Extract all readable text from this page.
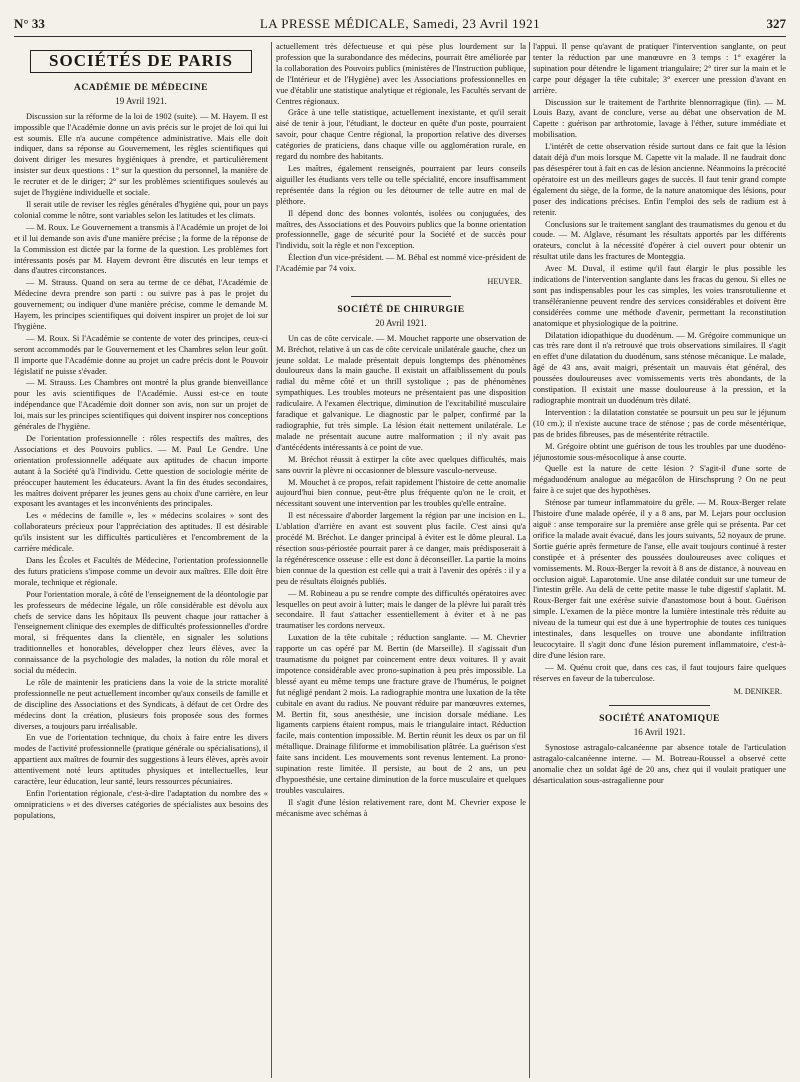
N° 33	LA PRESSE MÉDICALE, Samedi, 23 Avril 1921	327
SOCIÉTÉS DE PARIS
ACADÉMIE DE MÉDECINE
19 Avril 1921.

Discussion sur la réforme de la loi de 1902 (suite). — M. Hayem. Il est impossible que l'Académie donne un avis précis sur le projet de loi qui lui est soumis. Elle n'a aucune compétence administrative. Mais elle doit indiquer, dans sa réponse au Gouvernement, les règles scientifiques qui doivent diriger les mesures hygiéniques à prendre, et particulièrement insister sur deux questions : 1° sur la question du personnel, la manière de le recruter et de le diriger; 2° sur les problèmes scientifiques soulevés au sujet de l'hygiène individuelle et sociale.

Il serait utile de reviser les règles générales d'hygiène qui, pour un pays colonial comme le nôtre, sont variables selon les latitudes et les climats.

— M. Roux. Le Gouvernement a transmis à l'Académie un projet de loi et il lui demande son avis d'une manière précise ; la forme de la réponse de la Commission est dictée par la forme de la question. Les problèmes fort intéressants posés par M. Hayem devront être discutés en leur temps et dans d'autres circonstances.

— M. Strauss. Quand on sera au terme de ce débat, l'Académie de Médecine devra prendre son parti : ou suivre pas à pas le projet du gouvernement; ou indiquer d'une manière précise, comme le demande M. Hayem, les principes scientifiques qui doivent inspirer un projet de loi sur l'hygiène.

— M. Roux. Si l'Académie se contente de voter des principes, ceux-ci seront accommodés par le Gouvernement et les Chambres selon leur goût. Il importe que l'Académie donne au projet un cadre précis dont le Pouvoir législatif ne puisse s'évader.

— M. Strauss. Les Chambres ont montré la plus grande bienveillance pour les avis scientifiques de l'Académie. Aussi est-ce en toute indépendance que l'Académie doit donner son avis, non sur un projet de loi, mais sur les principes scientifiques qui doivent inspirer nos conceptions générales de l'hygiène.

De l'orientation professionnelle : rôles respectifs des maîtres, des Associations et des Pouvoirs publics. — M. Paul Le Gendre. Une orientation professionnelle adéquate aux aptitudes de chacun importe autant à la Société qu'à l'individu. Cette question de sociologie mérite de préoccuper hautement les éducateurs. Avant la fin des études secondaires, les maîtres doivent préparer les jeunes gens au choix d'une carrière, en leur exposant les avantages et les inconvénients des principales.

Les « médecins de famille », les « médecins scolaires » sont des collaborateurs précieux pour l'appréciation des aptitudes. Il est désirable qu'ils insistent sur les difficultés particulières et l'encombrement de la carrière médicale.

Dans les Écoles et Facultés de Médecine, l'orientation professionnelle des futurs praticiens s'impose comme un devoir aux maîtres. Elle doit être morale, technique et régionale.

Pour l'orientation morale, à côté de l'enseignement de la déontologie par les professeurs de médecine légale, un rôle considérable est dévolu aux chefs de service dans les hôpitaux Ils peuvent chaque jour rattacher à l'enseignement clinique des exemples de difficultés professionnelles d'ordre moral, si fréquentes dans la clientèle, en signaler les solutions traditionnelles et honorables, développer chez leurs élèves, avec la connaissance de la psychologie des malades, la notion du rôle moral et social du médecin.

Le rôle de maintenir les praticiens dans la voie de la stricte moralité professionnelle ne peut actuellement incomber qu'aux conseils de famille et de discipline des Associations et des Syndicats, à défaut de cet Ordre des médecins dont la création, plusieurs fois proposée sous des formes diverses, a toujours paru irréalisable.

En vue de l'orientation technique, du choix à faire entre les divers modes de l'activité professionnelle (pratique générale ou spécialisations), il appartient aux maîtres de fournir des suggestions à leurs élèves, après avoir attentivement noté leurs aptitudes physiques et intellectuelles, leur caractère, leur éducation, leur santé, leurs ressources pécuniaires.

Enfin l'orientation régionale, c'est-à-dire l'adaptation du nombre des « omnipraticiens » et des diverses catégories de spécialistes aux besoins des populations,

actuellement très défectueuse et qui pèse plus lourdement sur la profession que la surabondance des médecins, pourrait être améliorée par la collaboration des Pouvoirs publics (ministères de l'Instruction publique, de l'Intérieur et de l'Hygiène) avec les Associations professionnelles en vue d'établir une statistique analytique et régionale, les Facultés servant de Centres régionaux.

Grâce à une telle statistique, actuellement inexistante, et qu'il serait aisé de tenir à jour, l'étudiant, le docteur en quête d'un poste, pourraient savoir, pour chaque Centre régional, la proportion relative des diverses catégories de praticiens, dans chaque ville ou agglomération rurale, en regard du nombre des habitants.

Les maîtres, également renseignés, pourraient par leurs conseils aiguiller les étudiants vers telle ou telle spécialité, encore insuffisamment représentée dans la région ou les détourner de telle autre en mal de pléthore.

Il dépend donc des bonnes volontés, isolées ou conjuguées, des maîtres, des Associations et des Pouvoirs publics que la bonne orientation professionnelle, gage de sécurité pour la Société et de succès pour l'individu, soit la règle et non l'exception.

Élection d'un vice-président. — M. Bébal est nommé vice-président de l'Académie par 74 voix.

HEUYER.
SOCIÉTÉ DE CHIRURGIE
20 Avril 1921.

Un cas de côte cervicale. — M. Mouchet rapporte une observation de M. Bréchot, relative à un cas de côte cervicale unilatérale gauche, chez un jeune soldat. Le malade présentait depuis longtemps des phénomènes douloureux dans la main gauche. Il existait un affaiblissement du pouls radial du même côté et un thrill systolique ; pas de phénomènes sympathiques. Les troubles moteurs ne présentaient pas une disposition radiculaire. A l'examen électrique, diminution de l'excitabilité musculaire faradique et galvanique. Le diagnostic par le palper, confirmé par la radiographie, fut très simple. La lésion était nettement unilatérale. Le malade ne présentait aucune autre malformation ; il n'y avait pas d'antécédents intéressants à ce point de vue.

M. Bréchot réussit à extirper la côte avec quelques difficultés, mais sans ouvrir la plèvre ni occasionner de blessure vasculo-nerveuse.

M. Mouchet à ce propos, refait rapidement l'histoire de cette anomalie aujourd'hui bien connue, peut-être plus fréquente qu'on ne le croit, et nécessitant souvent une intervention par les troubles qu'elle entraîne.

Il est nécessaire d'aborder largement la région par une incision en L. L'ablation d'arrière en avant est souvent plus facile. C'est ainsi qu'a procédé M. Bréchot. Le danger principal à éviter est le dôme pleural. La résection sous-périostée pourrait parer à ce danger, mais prédisposerait à la régénérescence osseuse : elle est donc à déconseiller. La partie la moins bien connue de la question est celle qui a trait à l'avenir des opérés : il y a peu de résultats éloignés publiés.

— M. Robineau a pu se rendre compte des difficultés opératoires avec lesquelles on peut avoir à lutter; mais le danger de la plèvre lui paraît très secondaire. Il faut s'attacher essentiellement à éviter et à ne pas traumatiser les cordons nerveux.

Luxation de la tête cubitale ; réduction sanglante. — M. Chevrier rapporte un cas opéré par M. Bertin (de Marseille). Il s'agissait d'un traumatisme du poignet par coincement entre deux voitures. Il y avait impotence considérable avec prono-supination à peu près impossible. La blessé ayant eu même temps une fracture grave de l'humérus, le poignet fut négligé pendant 2 mois. La radiographie montra une luxation de la tête cubitale en avant du radius. Ne pouvant réduire par manœuvres externes, M. Bertin fit, sous anesthésie, une incision dorsale médiane. Les ligaments carpiens étaient rompus, mais le triangulaire intact. Réduction facile, mais contention impossible. M. Bertin réunit les deux os par un fil métallique. Drainage filiforme et immobilisation plâtrée. La guérison s'est faite sans incident. Les mouvements sont revenus lentement. La prono-supination reste limitée. Il persiste, au bout de 2 ans, un peu d'hypoesthésie, une certaine diminution de la force musculaire et quelques troubles vasculaires.

Il s'agit d'une lésion relativement rare, dont M. Chevrier expose le mécanisme avec schémas à

l'appui. Il pense qu'avant de pratiquer l'intervention sanglante, on peut tenter la réduction par une manœuvre en 3 temps : 1° exagérer la supination pour détendre le ligament triangulaire; 2° tirer sur la main et le carpe pour dégager la tête cubitale; 3° exercer une pression d'avant en arrière.

Discussion sur le traitement de l'arthrite blennorragique (fin). — M. Louis Bazy, avant de conclure, verse au débat une observation de M. Capette : guérison par arthrotomie, lavage à l'éther, suture immédiate et mobilisation.

L'intérêt de cette observation réside surtout dans ce fait que la lésion datait déjà d'un mois lorsque M. Capette vit la malade. Il ne faudrait donc pas désespérer tout à fait en cas de lésion ancienne. Néanmoins la précocité opératoire est un des meilleurs gages de succès. Il faut tenir grand compte également du siège, de la forme, de la nature anatomique des lésions, pour poser des indications précises. Enfin l'emploi des sels de radium est à retenir.

Conclusions sur le traitement sanglant des traumatismes du genou et du coude. — M. Alglave, résumant les résultats apportés par les différents orateurs, conclut à la nécessité d'opérer à ciel ouvert pour obtenir un résultat utile dans les fractures de Monteggia.

Avec M. Duval, il estime qu'il faut élargir le plus possible les indications de l'intervention sanglante dans les fracas du genou. Si elles ne sont pas indispensables pour les cas simples, les voies transrotulienne et transéléranienne peuvent rendre des services considérables et doivent être considérées comme une méthode d'avenir, permettant la reconstitution anatomique et physiologique de la poitrine.

Dilatation idiopathique du duodénum. — M. Grégoire communique un cas très rare dont il n'a retrouvé que trois observations similaires. Il s'agit en effet d'une dilatation du duodénum, sans sténose mécanique. Le malade, âgé de 43 ans, avait maigri, présentait un mauvais état général, des poussées douloureuses avec vomissements verts très abondants, de la constipation. Il existait une masse douloureuse à la pression, et la radiographie montrait un duodénum très dilaté.

Intervention : la dilatation constatée se poursuit un peu sur le jéjunum (10 cm.); il n'existe aucune trace de sténose ; pas de corde mésentérique, pas de brides fibreuses, pas de mésentérite rétractile.

M. Grégoire obtint une guérison de tous les troubles par une duodéno-jéjunostomie sous-mésocolique à anse courte.

Quelle est la nature de cette lésion ? S'agit-il d'une sorte de mégaduodénum analogue au mégacôlon de Hirschsprung ? On ne peut faire à ce sujet que des hypothèses.

Sténose par tumeur inflammatoire du grêle. — M. Roux-Berger relate l'histoire d'une malade opérée, il y a 8 ans, par M. Lejars pour occlusion aiguë : anse temporaire sur la première anse grêle qui se présenta. Par cet orifice la malade avait évacué, dans les jours suivants, 52 noyaux de prune. Sortie guérie après fermeture de l'anse, elle avait toujours continué à rester constipée et à présenter des poussées douloureuses avec coliques et vomissements. M. Roux-Berger la revoit à 8 ans de distance, à nouveau en occlusion aiguë. Laparotomie. Une anse dilatée conduit sur une tumeur de l'intestin grêle. Au delà de cette petite masse le tube digestif s'aplatit. M. Roux-Berger fait une exérèse suivie d'anastomose bout à bout. Guérison simple. L'examen de la pièce montre la lumière intestinale très réduite au niveau de la tumeur qui est due à une hypertrophie de toutes ces tuniques intestinales, dans lesquelles on trouve une abondante infiltration leucocytaire. Il s'agit donc d'une lésion purement inflammatoire, c'est-à-dire d'une lésion rare.

— M. Quénu croit que, dans ces cas, il faut toujours faire quelques réserves en faveur de la tuberculose.

M. DENIKER.
SOCIÉTÉ ANATOMIQUE
16 Avril 1921.

Synostose astragalo-calcanéenne par absence totale de l'articulation astragalo-calcanéenne interne. — M. Botreau-Roussel a observé cette anomalie chez un soldat âgé de 20 ans, chez qui il voulait pratiquer une désarticulation sous-astragalienne pour
